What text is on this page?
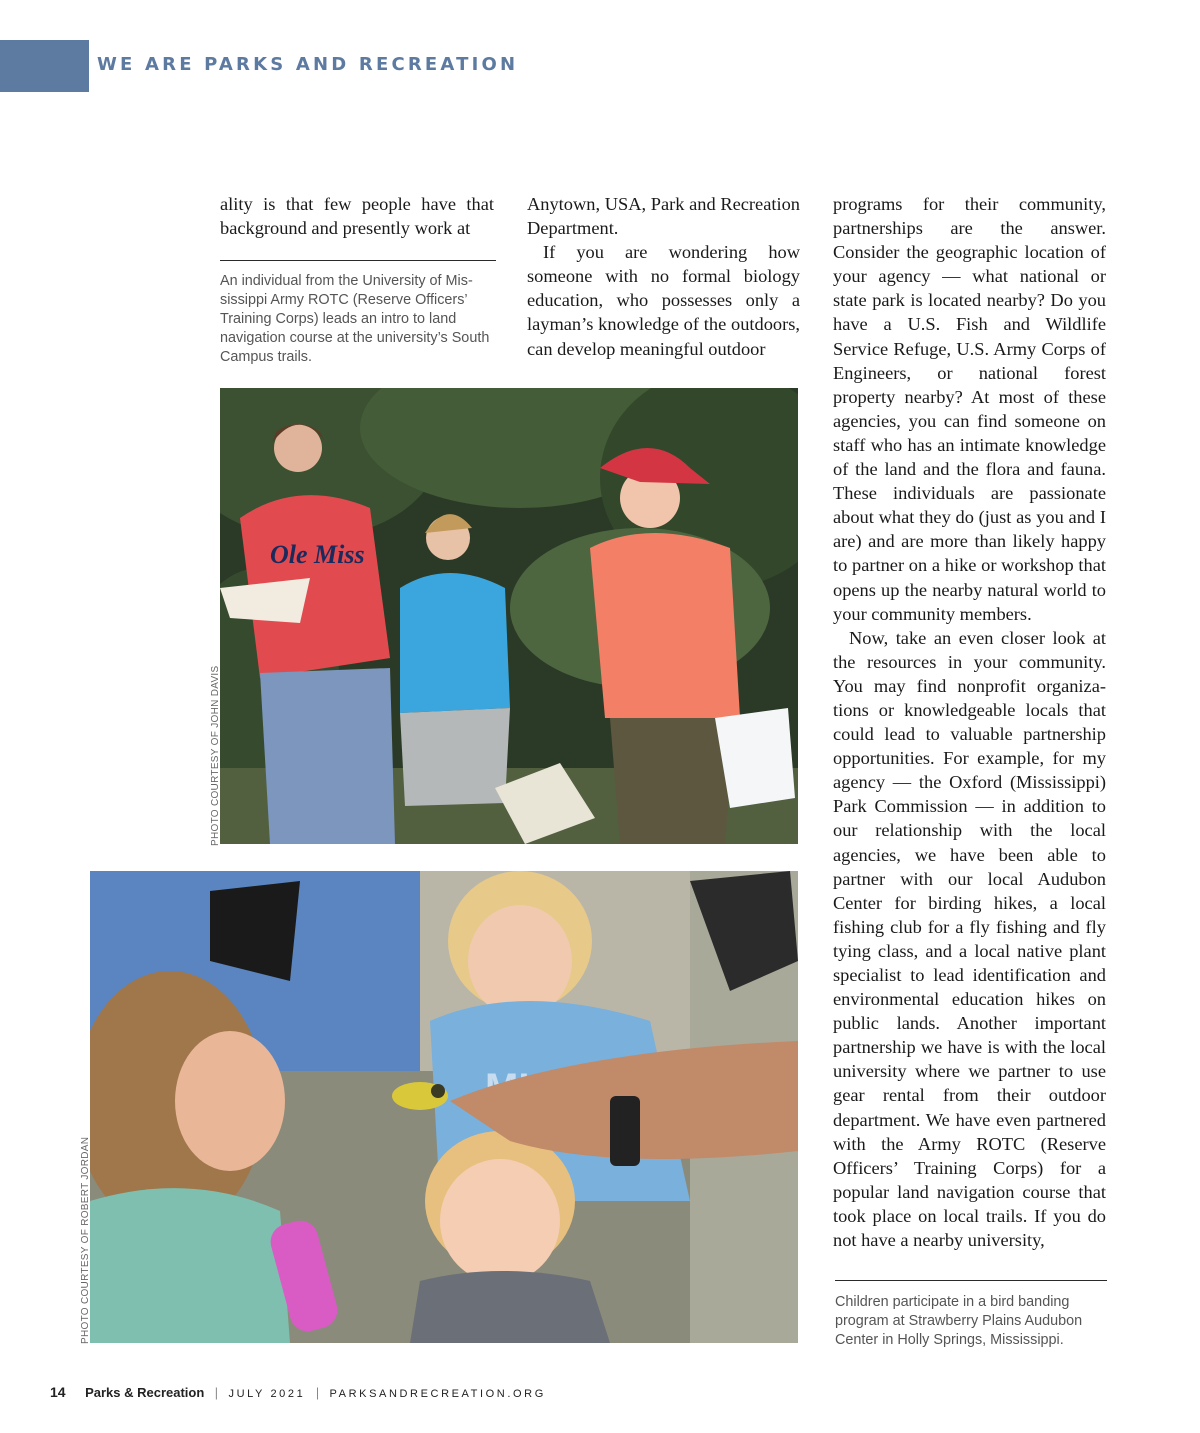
WE ARE PARKS AND RECREATION

ality is that few people have that background and presently work at

An individual from the University of Mississippi Army ROTC (Reserve Officers’ Training Corps) leads an intro to land navigation course at the university’s South Campus trails.

Anytown, USA, Park and Recreation Department.

If you are wondering how someone with no formal biology education, who possesses only a layman’s knowledge of the outdoors, can develop meaningful outdoor

programs for their community, partnerships are the answer. Consider the geographic location of your agency — what national or state park is located nearby? Do you have a U.S. Fish and Wildlife Service Refuge, U.S. Army Corps of Engineers, or national forest property nearby? At most of these agencies, you can find someone on staff who has an intimate knowledge of the land and the flora and fauna. These individuals are passionate about what they do (just as you and I are) and are more than likely happy to partner on a hike or workshop that opens up the nearby natural world to your community members.

Now, take an even closer look at the resources in your community. You may find nonprofit organizations or knowledgeable locals that could lead to valuable partnership opportunities. For example, for my agency — the Oxford (Mississippi) Park Commission — in addition to our relationship with the local agencies, we have been able to partner with our local Audubon Center for birding hikes, a local fishing club for a fly fishing and fly tying class, and a local native plant specialist to lead identification and environmental education hikes on public lands. Another important partnership we have is with the local university where we partner to use gear rental from their outdoor department. We have even partnered with the Army ROTC (Reserve Officers’ Training Corps) for a popular land navigation course that took place on local trails. If you do not have a nearby university,

Children participate in a bird banding program at Strawberry Plains Audubon Center in Holly Springs, Mississippi.
Ole Miss
PHOTO COURTESY OF JOHN DAVIS
PHOTO COURTESY OF ROBERT JORDAN
14 Parks & Recreation | JULY 2021 | PARKSANDRECREATION.ORG
